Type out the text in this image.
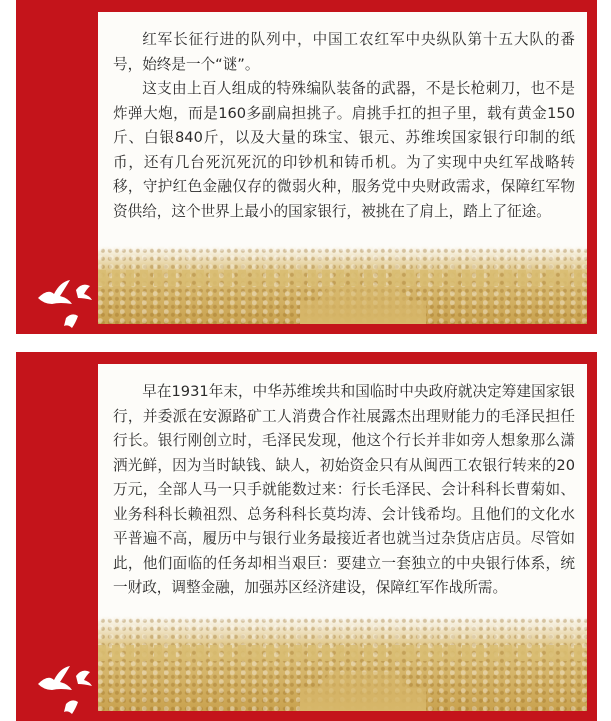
红军长征行进的队列中，中国工农红军中央纵队第十五大队的番号，始终是一个“谜”。

这支由上百人组成的特殊编队装备的武器，不是长枪刺刀，也不是炸弹大炮，而是160多副扁担挑子。肩挑手扛的担子里，载有黄金150斤、白银840斤，以及大量的珠宝、银元、苏维埃国家银行印制的纸币，还有几台死沉死沉的印钞机和铸币机。为了实现中央红军战略转移，守护红色金融仅存的微弱火种，服务党中央财政需求，保障红军物资供给，这个世界上最小的国家银行，被挑在了肩上，踏上了征途。

早在1931年末，中华苏维埃共和国临时中央政府就决定筹建国家银行，并委派在安源路矿工人消费合作社展露杰出理财能力的毛泽民担任行长。银行刚创立时，毛泽民发现，他这个行长并非如旁人想象那么潇洒光鲜，因为当时缺钱、缺人，初始资金只有从闽西工农银行转来的20万元，全部人马一只手就能数过来：行长毛泽民、会计科科长曹菊如、业务科科长赖祖烈、总务科科长莫均涛、会计钱希均。且他们的文化水平普遍不高，履历中与银行业务最接近者也就当过杂货店店员。尽管如此，他们面临的任务却相当艰巨：要建立一套独立的中央银行体系，统一财政，调整金融，加强苏区经济建设，保障红军作战所需。
